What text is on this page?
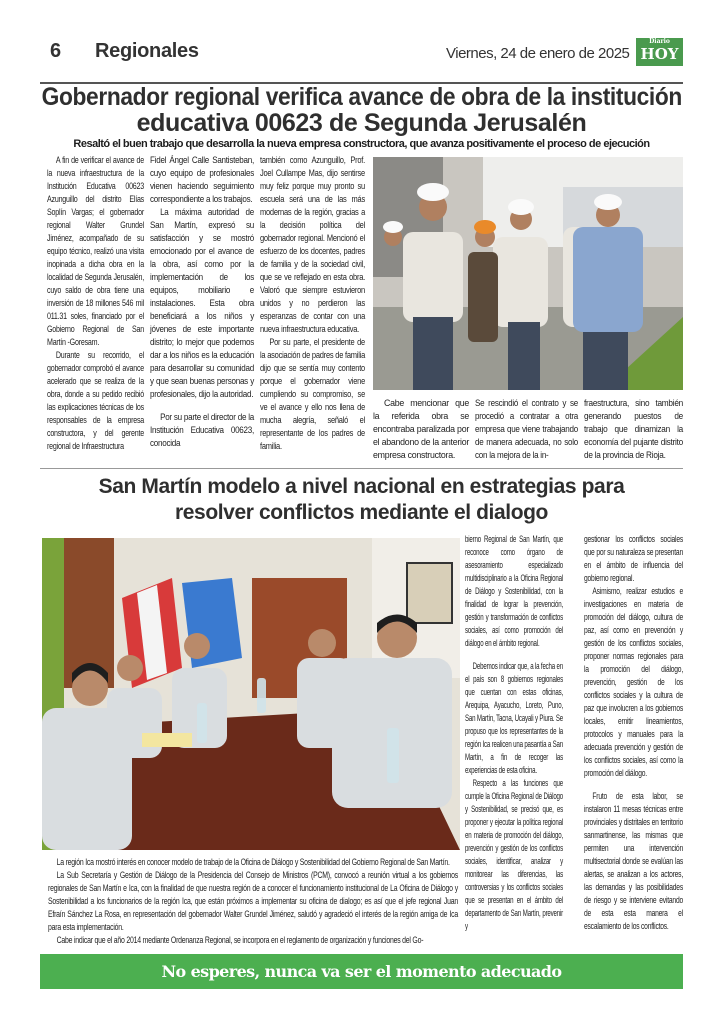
6 Regionales	Viernes, 24 de enero de 2025
Diario
HOY
Gobernador regional verifica avance de obra de la institución
educativa 00623 de Segunda Jerusalén
Resaltó el buen trabajo que desarrolla la nueva empresa constructora, que avanza positivamente el proceso de ejecución

A fin de verificar el avance de la nueva infraestructura de la Institución Educativa 00623 Azunguillo del distrito Elías Soplín Vargas; el gobernador regional Walter Grundel Jiménez, acompañado de su equipo técnico, realizó una visita inopinada a dicha obra en la localidad de Segunda Jerusalén, cuyo saldo de obra tiene una inversión de 18 millones 546 mil 011.31 soles, financiado por el Gobierno Regional de San Martín -Goresam.

Durante su recorrido, el gobernador comprobó el avance acelerado que se realiza de la obra, donde a su pedido recibió las explicaciones técnicas de los responsables de la empresa constructora, y del gerente regional de Infraestructura

Fidel Ángel Calle Santisteban, cuyo equipo de profesionales vienen haciendo seguimiento correspondiente a los trabajos.

La máxima autoridad de San Martín, expresó su satisfacción y se mostró emocionado por el avance de la obra, así como por la implementación de los equipos, mobiliario e instalaciones. Esta obra beneficiará a los niños y jóvenes de este importante distrito; lo mejor que podemos dar a los niños es la educación para desarrollar su comunidad y que sean buenas personas y profesionales, dijo la autoridad.

Por su parte el director de la Institución Educativa 00623, conocida

también como Azunguillo, Prof. Joel Cullampe Mas, dijo sentirse muy feliz porque muy pronto su escuela será una de las más modernas de la región, gracias a la decisión política del gobernador regional. Mencionó el esfuerzo de los docentes, padres de familia y de la sociedad civil, que se ve reflejado en esta obra. Valoró que siempre estuvieron unidos y no perdieron las esperanzas de contar con una nueva infraestructura educativa.

Por su parte, el presidente de la asociación de padres de familia dijo que se sentía muy contento porque el gobernador viene cumpliendo su compromiso, se ve el avance y ello nos llena de mucha alegría, señaló el representante de los padres de familia.

Cabe mencionar que la referida obra se encontraba paralizada por el abandono de la anterior empresa constructora.

Se rescindió el contrato y se procedió a contratar a otra empresa que viene trabajando de manera adecuada, no solo con la mejora de la in-

fraestructura, sino también generando puestos de trabajo que dinamizan la economía del pujante distrito de la provincia de Rioja.

San Martín modelo a nivel nacional en estrategias para
resolver conflictos mediante el dialogo

La región Ica mostró interés en conocer modelo de trabajo de la Oficina de Diálogo y Sostenibilidad del Gobierno Regional de San Martín.

La Sub Secretaría y Gestión de Diálogo de la Presidencia del Consejo de Ministros (PCM), convocó a reunión virtual a los gobiernos regionales de San Martín e Ica, con la finalidad de que nuestra región de a conocer el funcionamiento institucional de La Oficina de Diálogo y Sostenibilidad a los funcionarios de la región Ica, que están próximos a implementar su oficina de dialogo; es así que el jefe regional Juan Efraín Sánchez La Rosa, en representación del gobernador Walter Grundel Jiménez, saludó y agradeció el interés de la región amiga de Ica para esta implementación.

Cabe indicar que el año 2014 mediante Ordenanza Regional, se incorpora en el reglamento de organización y funciones del Go-

bierno Regional de San Martín, que reconoce como órgano de asesoramiento especializado multidisciplinario a la Oficina Regional de Diálogo y Sostenibilidad, con la finalidad de lograr la prevención, gestión y transformación de conflictos sociales, así como promoción del diálogo en el ámbito regional.

Debemos indicar que, a la fecha en el país son 8 gobiernos regionales que cuentan con estas oficinas, Arequipa, Ayacucho, Loreto, Puno, San Martín, Tacna, Ucayali y Piura. Se propuso que los representantes de la región Ica realicen una pasantía a San Martín, a fin de recoger las experiencias de esta oficina.

Respecto a las funciones que cumple la Oficina Regional de Diálogo y Sostenibilidad, se precisó que, es proponer y ejecutar la política regional en materia de promoción del diálogo, prevención y gestión de los conflictos sociales, identificar, analizar y monitorear las diferencias, las controversias y los conflictos sociales que se presentan en el ámbito del departamento de San Martín, prevenir y

gestionar los conflictos sociales que por su naturaleza se presentan en el ámbito de influencia del gobierno regional.

Asimismo, realizar estudios e investigaciones en materia de promoción del diálogo, cultura de paz, así como en prevención y gestión de los conflictos sociales, proponer normas regionales para la promoción del diálogo, prevención, gestión de los conflictos sociales y la cultura de paz que involucren a los gobiernos locales, emitir lineamientos, protocolos y manuales para la adecuada prevención y gestión de los conflictos sociales, así como la promoción del diálogo.

Fruto de esta labor, se instalaron 11 mesas técnicas entre provinciales y distritales en territorio sanmartinense, las mismas que permiten una intervención multisectorial donde se evalúan las alertas, se analizan a los actores, las demandas y las posibilidades de riesgo y se interviene evitando de esta esta manera el escalamiento de los conflictos.

No esperes, nunca va ser el momento adecuado
